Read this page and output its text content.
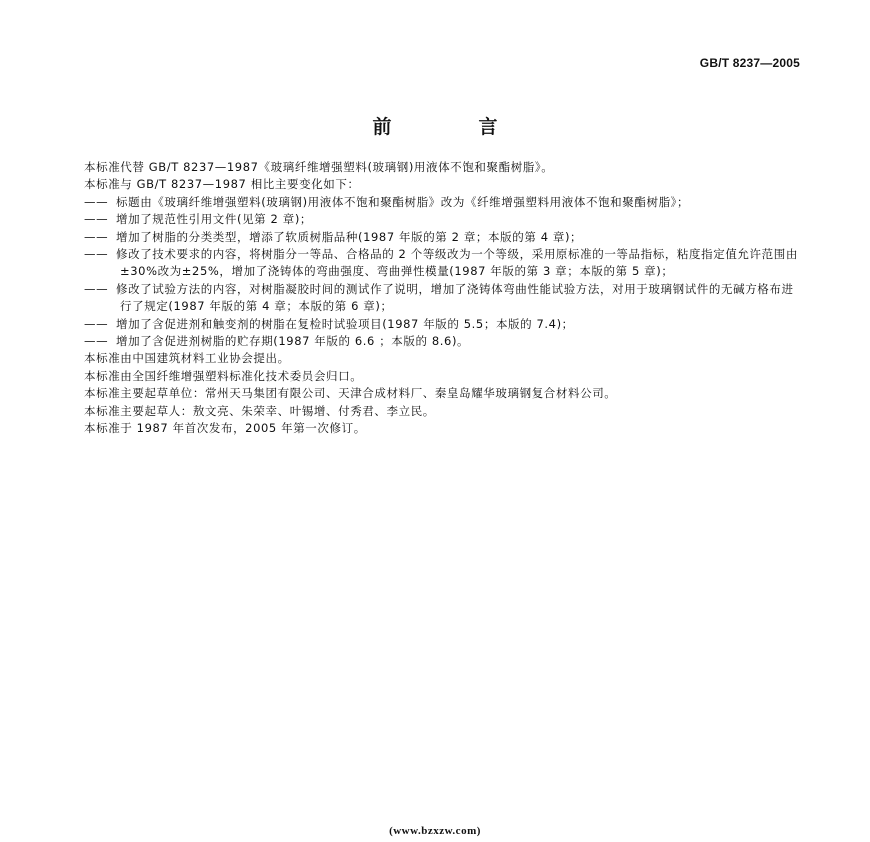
GB/T 8237—2005
前　言
本标准代替 GB/T 8237—1987《玻璃纤维增强塑料(玻璃钢)用液体不饱和聚酯树脂》。
本标准与 GB/T 8237—1987 相比主要变化如下：
—— 标题由《玻璃纤维增强塑料(玻璃钢)用液体不饱和聚酯树脂》改为《纤维增强塑料用液体不饱和聚酯树脂》；
—— 增加了规范性引用文件(见第 2 章)；
—— 增加了树脂的分类类型，增添了软质树脂品种(1987 年版的第 2 章；本版的第 4 章)；
—— 修改了技术要求的内容，将树脂分一等品、合格品的 2 个等级改为一个等级，采用原标准的一等品指标，粘度指定值允许范围由±30%改为±25%，增加了浇铸体的弯曲强度、弯曲弹性模量(1987 年版的第 3 章；本版的第 5 章)；
—— 修改了试验方法的内容，对树脂凝胶时间的测试作了说明，增加了浇铸体弯曲性能试验方法，对用于玻璃钢试件的无碱方格布进行了规定(1987 年版的第 4 章；本版的第 6 章)；
—— 增加了含促进剂和触变剂的树脂在复检时试验项目(1987 年版的 5.5；本版的 7.4)；
—— 增加了含促进剂树脂的贮存期(1987 年版的 6.6 ；本版的 8.6)。
本标准由中国建筑材料工业协会提出。
本标准由全国纤维增强塑料标准化技术委员会归口。
本标准主要起草单位：常州天马集团有限公司、天津合成材料厂、秦皇岛耀华玻璃钢复合材料公司。
本标准主要起草人：敖文亮、朱荣幸、叶锡增、付秀君、李立民。
本标准于 1987 年首次发布，2005 年第一次修订。
(www.bzxzw.com)
